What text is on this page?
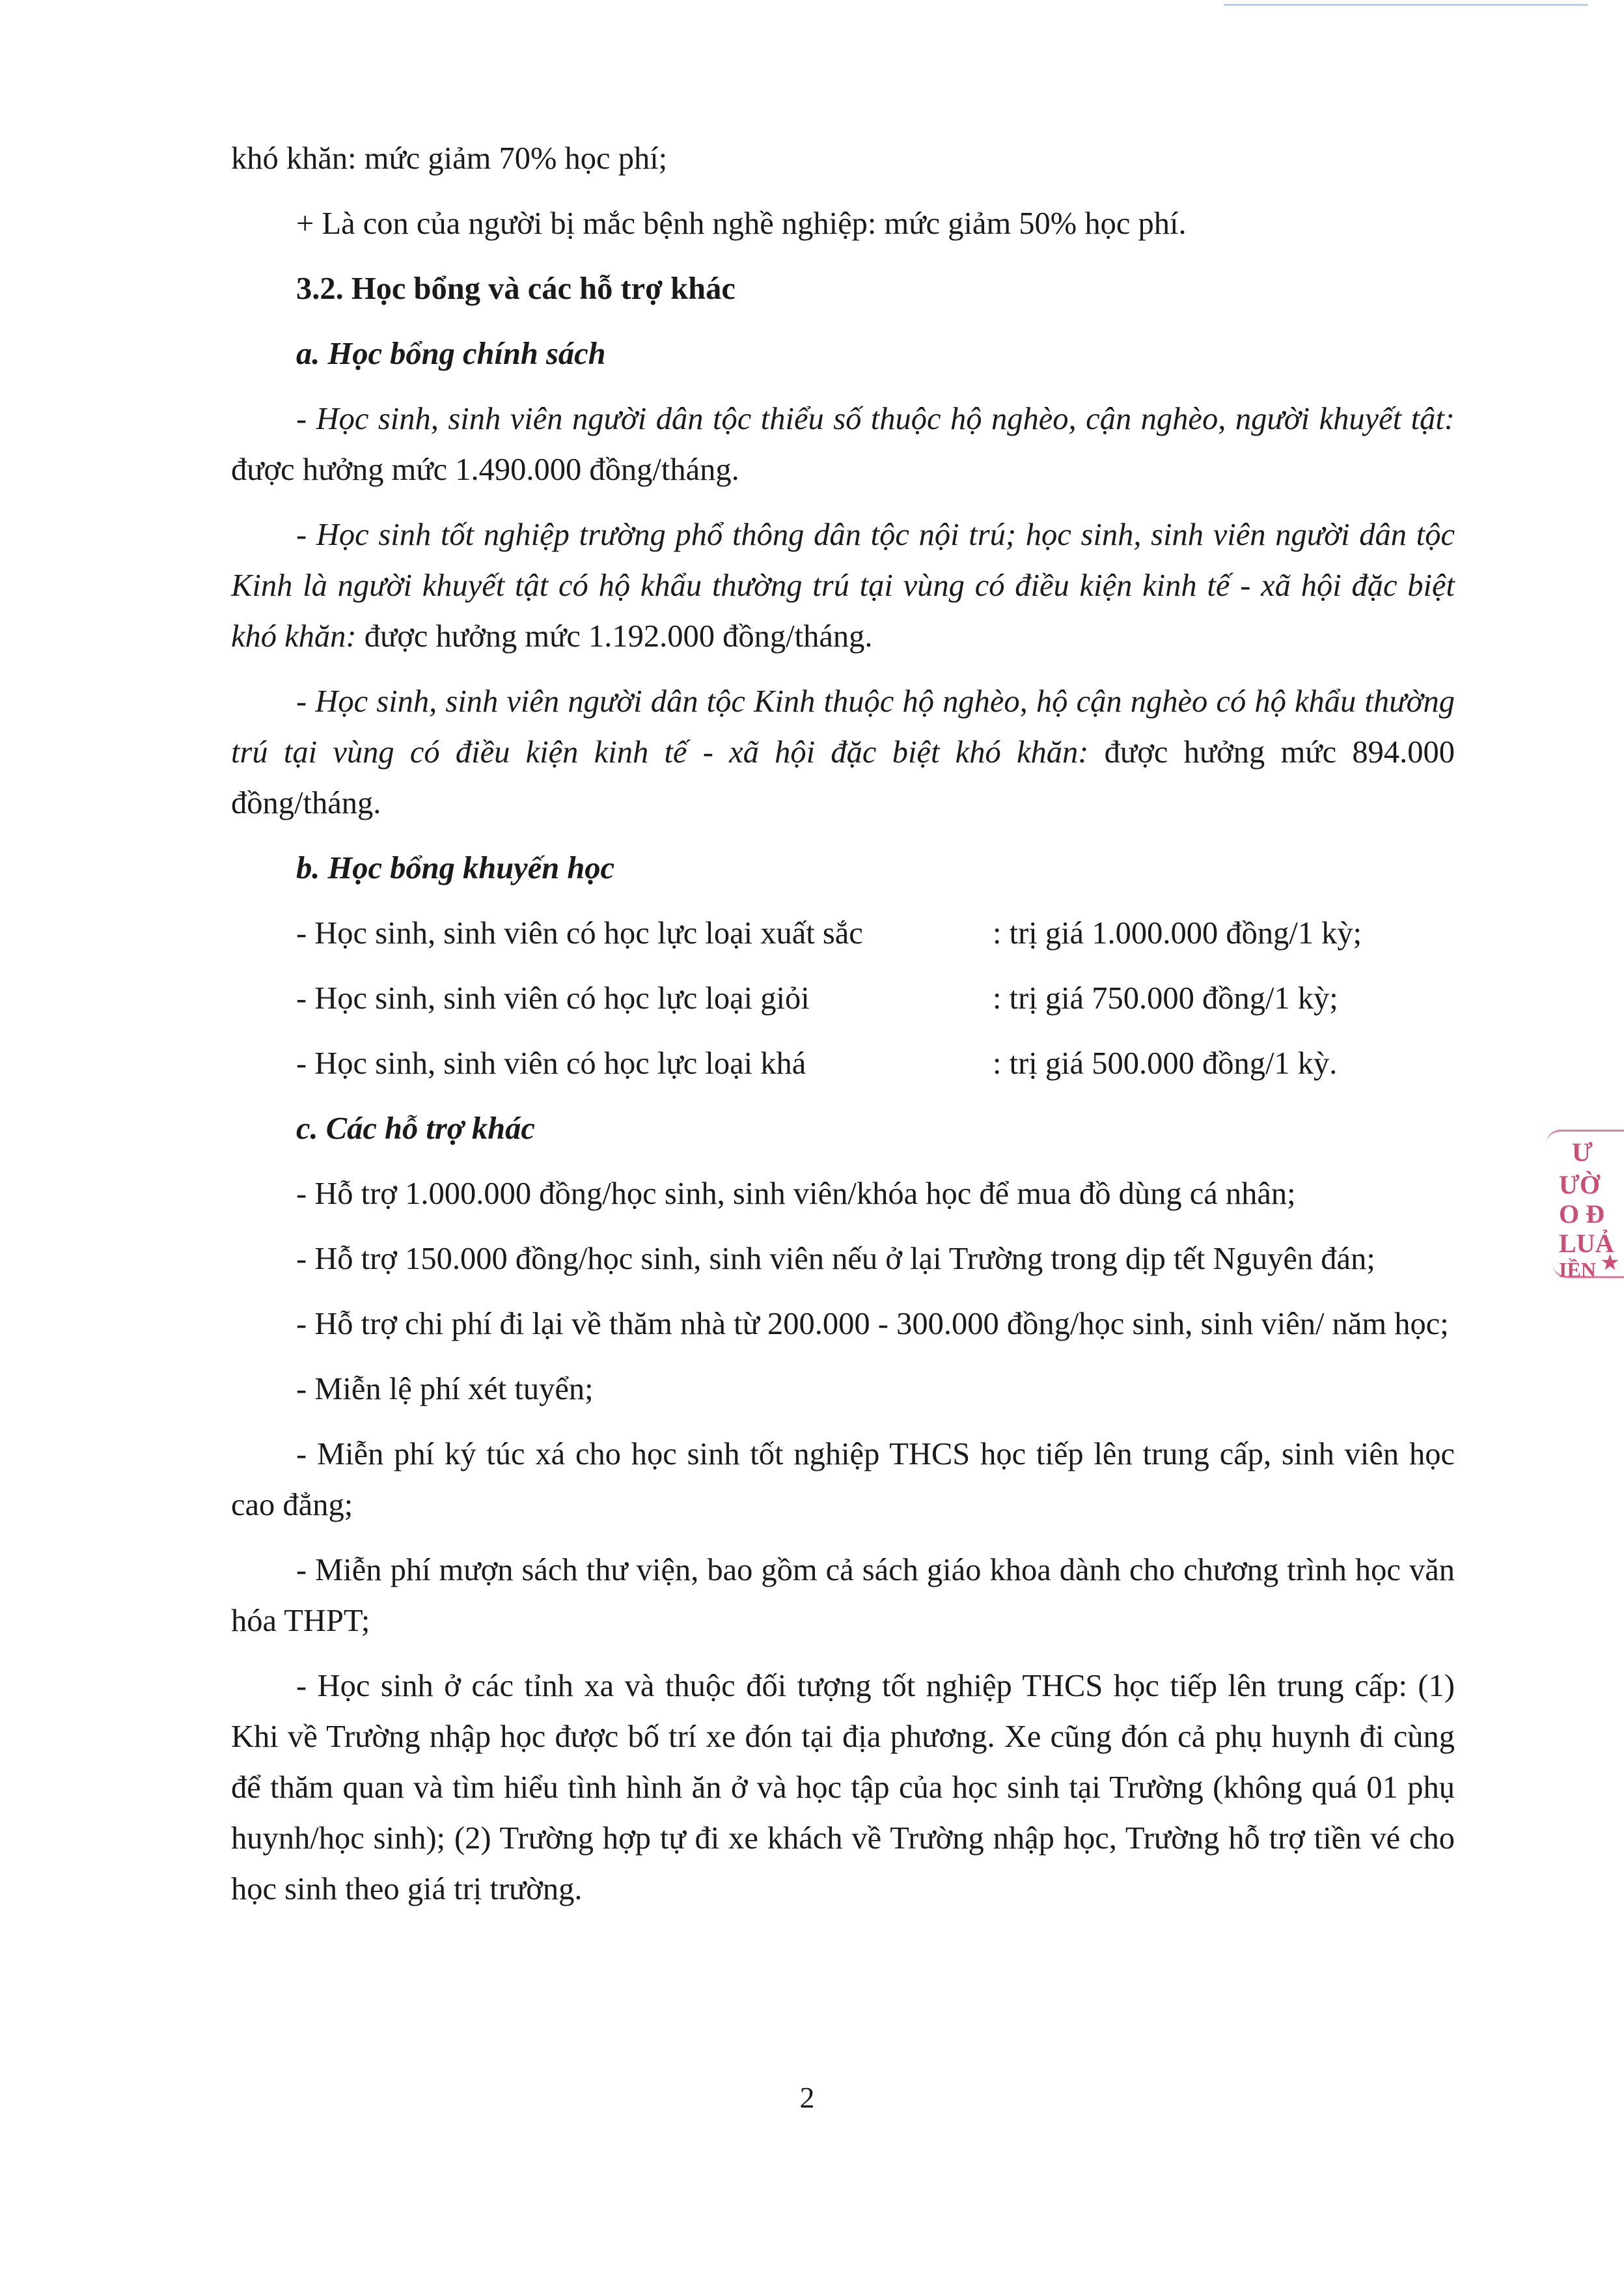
khó khăn: mức giảm 70% học phí;

+ Là con của người bị mắc bệnh nghề nghiệp: mức giảm 50% học phí.

3.2. Học bổng và các hỗ trợ khác

a. Học bổng chính sách

- Học sinh, sinh viên người dân tộc thiểu số thuộc hộ nghèo, cận nghèo, người khuyết tật: được hưởng mức 1.490.000 đồng/tháng.

- Học sinh tốt nghiệp trường phổ thông dân tộc nội trú; học sinh, sinh viên người dân tộc Kinh là người khuyết tật có hộ khẩu thường trú tại vùng có điều kiện kinh tế - xã hội đặc biệt khó khăn: được hưởng mức 1.192.000 đồng/tháng.

- Học sinh, sinh viên người dân tộc Kinh thuộc hộ nghèo, hộ cận nghèo có hộ khẩu thường trú tại vùng có điều kiện kinh tế - xã hội đặc biệt khó khăn: được hưởng mức 894.000 đồng/tháng.

b. Học bổng khuyến học

- Học sinh, sinh viên có học lực loại xuất sắc	: trị giá 1.000.000 đồng/1 kỳ;
- Học sinh, sinh viên có học lực loại giỏi	: trị giá 750.000 đồng/1 kỳ;
- Học sinh, sinh viên có học lực loại khá	: trị giá 500.000 đồng/1 kỳ.

c. Các hỗ trợ khác

- Hỗ trợ 1.000.000 đồng/học sinh, sinh viên/khóa học để mua đồ dùng cá nhân;

- Hỗ trợ 150.000 đồng/học sinh, sinh viên nếu ở lại Trường trong dịp tết Nguyên đán;

- Hỗ trợ chi phí đi lại về thăm nhà từ 200.000 - 300.000 đồng/học sinh, sinh viên/ năm học;

- Miễn lệ phí xét tuyển;

- Miễn phí ký túc xá cho học sinh tốt nghiệp THCS học tiếp lên trung cấp, sinh viên học cao đẳng;

- Miễn phí mượn sách thư viện, bao gồm cả sách giáo khoa dành cho chương trình học văn hóa THPT;

- Học sinh ở các tỉnh xa và thuộc đối tượng tốt nghiệp THCS học tiếp lên trung cấp: (1) Khi về Trường nhập học được bố trí xe đón tại địa phương. Xe cũng đón cả phụ huynh đi cùng để thăm quan và tìm hiểu tình hình ăn ở và học tập của học sinh tại Trường (không quá 01 phụ huynh/học sinh); (2) Trường hợp tự đi xe khách về Trường nhập học, Trường hỗ trợ tiền vé cho học sinh theo giá trị trường.

2
Ư
ƯỜ
O Đ
LUẢ
IỀN ★
